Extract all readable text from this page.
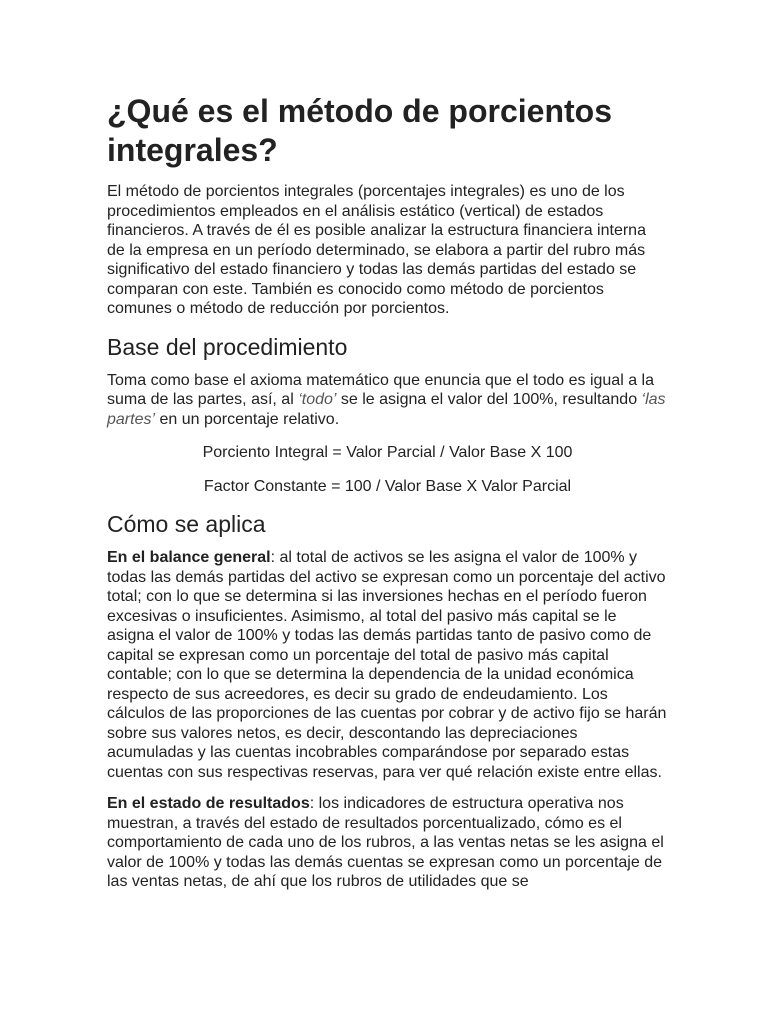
¿Qué es el método de porcientos integrales?

El método de porcientos integrales (porcentajes integrales) es uno de los procedimientos empleados en el análisis estático (vertical) de estados financieros. A través de él es posible analizar la estructura financiera interna de la empresa en un período determinado, se elabora a partir del rubro más significativo del estado financiero y todas las demás partidas del estado se comparan con este. También es conocido como método de porcientos comunes o método de reducción por porcientos.

Base del procedimiento

Toma como base el axioma matemático que enuncia que el todo es igual a la suma de las partes, así, al ‘todo’ se le asigna el valor del 100%, resultando ‘las partes’ en un porcentaje relativo.

Porciento Integral = Valor Parcial / Valor Base X 100

Factor Constante = 100 / Valor Base X Valor Parcial

Cómo se aplica

En el balance general: al total de activos se les asigna el valor de 100% y todas las demás partidas del activo se expresan como un porcentaje del activo total; con lo que se determina si las inversiones hechas en el período fueron excesivas o insuficientes. Asimismo, al total del pasivo más capital se le asigna el valor de 100% y todas las demás partidas tanto de pasivo como de capital se expresan como un porcentaje del total de pasivo más capital contable; con lo que se determina la dependencia de la unidad económica respecto de sus acreedores, es decir su grado de endeudamiento. Los cálculos de las proporciones de las cuentas por cobrar y de activo fijo se harán sobre sus valores netos, es decir, descontando las depreciaciones acumuladas y las cuentas incobrables comparándose por separado estas cuentas con sus respectivas reservas, para ver qué relación existe entre ellas.

En el estado de resultados: los indicadores de estructura operativa nos muestran, a través del estado de resultados porcentualizado, cómo es el comportamiento de cada uno de los rubros, a las ventas netas se les asigna el valor de 100% y todas las demás cuentas se expresan como un porcentaje de las ventas netas, de ahí que los rubros de utilidades que se
